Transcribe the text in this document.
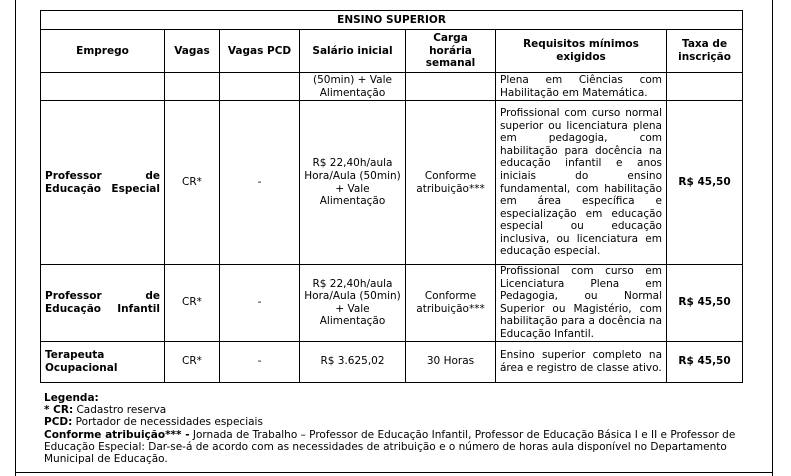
ENSINO SUPERIOR						
Emprego	Vagas	Vagas PCD	Salário inicial	Carga horária semanal	Requisitos mínimos exigidos	Taxa de inscrição
			(50min) + Vale Alimentação		Plena em Ciências com Habilitação em Matemática.	
Professor de Educação Especial	CR*	-	R$ 22,40h/aula Hora/Aula (50min) + Vale Alimentação	Conforme atribuição***	Profissional com curso normal superior ou licenciatura plena em pedagogia, com habilitação para docência na educação infantil e anos iniciais do ensino fundamental, com habilitação em área específica e especialização em educação especial ou educação inclusiva, ou licenciatura em educação especial.	R$ 45,50
Professor de Educação Infantil	CR*	-	R$ 22,40h/aula Hora/Aula (50min) + Vale Alimentação	Conforme atribuição***	Profissional com curso em Licenciatura Plena em Pedagogia, ou Normal Superior ou Magistério, com habilitação para a docência na Educação Infantil.	R$ 45,50
Terapeuta Ocupacional	CR*	-	R$ 3.625,02	30 Horas	Ensino superior completo na área e registro de classe ativo.	R$ 45,50
Legenda:
* CR: Cadastro reserva
PCD: Portador de necessidades especiais
Conforme atribuição*** - Jornada de Trabalho – Professor de Educação Infantil, Professor de Educação Básica I e II e Professor de Educação Especial: Dar-se-á de acordo com as necessidades de atribuição e o número de horas aula disponível no Departamento Municipal de Educação.
